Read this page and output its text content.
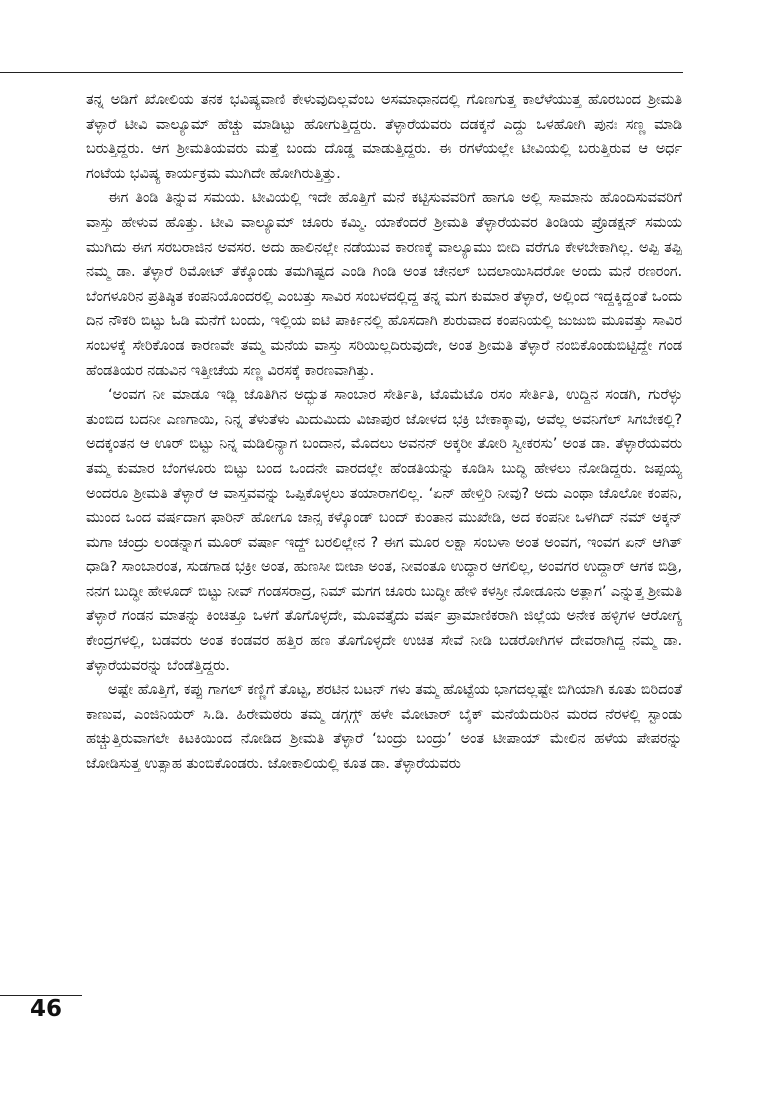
ತನ್ನ ಅಡಿಗೆ ಖೋಲಿಯ ತನಕ ಭವಿಷ್ಯವಾಣಿ ಕೇಳುವುದಿಲ್ಲವೆಂಬ ಅಸಮಾಧಾನದಲ್ಲಿ ಗೊಣಗುತ್ತ ಕಾಲೆಳೆಯುತ್ತ ಹೊರಬಂದ ಶ್ರೀಮತಿ ತೆಳ್ಳಾರೆ ಟೀವಿ ವಾಲ್ಯೂಮ್ ಹೆಚ್ಚು ಮಾಡಿಟ್ಟು ಹೋಗುತ್ತಿದ್ದರು. ತೆಳ್ಳಾರೆಯವರು ದಡಕ್ಕನೆ ಎದ್ದು ಒಳಹೋಗಿ ಪುನಃ ಸಣ್ಣ ಮಾಡಿ ಬರುತ್ತಿದ್ದರು. ಆಗ ಶ್ರೀಮತಿಯವರು ಮತ್ತೆ ಬಂದು ದೊಡ್ಡ ಮಾಡುತ್ತಿದ್ದರು. ಈ ರಗಳೆಯಲ್ಲೇ ಟೀವಿಯಲ್ಲಿ ಬರುತ್ತಿರುವ ಆ ಅರ್ಧ ಗಂಟೆಯ ಭವಿಷ್ಯ ಕಾರ್ಯಕ್ರಮ ಮುಗಿದೇ ಹೋಗಿರುತ್ತಿತ್ತು.

ಈಗ ತಿಂಡಿ ತಿನ್ನುವ ಸಮಯ. ಟೀವಿಯಲ್ಲಿ ಇದೇ ಹೊತ್ತಿಗೆ ಮನೆ ಕಟ್ಟಿಸುವವರಿಗೆ ಹಾಗೂ ಅಲ್ಲಿ ಸಾಮಾನು ಹೊಂದಿಸುವವರಿಗೆ ವಾಸ್ತು ಹೇಳುವ ಹೊತ್ತು. ಟೀವಿ ವಾಲ್ಯೂಮ್ ಚೂರು ಕಮ್ಮಿ. ಯಾಕೆಂದರೆ ಶ್ರೀಮತಿ ತೆಳ್ಳಾರೆಯವರ ತಿಂಡಿಯ ಪ್ರೊಡಕ್ಷನ್ ಸಮಯ ಮುಗಿದು ಈಗ ಸರಬರಾಜಿನ ಅವಸರ. ಅದು ಹಾಲಿನಲ್ಲೇ ನಡೆಯುವ ಕಾರಣಕ್ಕೆ ವಾಲ್ಯೂಮು ಬೀದಿ ವರೆಗೂ ಕೇಳಬೇಕಾಗಿಲ್ಲ. ಅಪ್ಪಿ ತಪ್ಪಿ ನಮ್ಮ ಡಾ. ತೆಳ್ಳಾರೆ ರಿಮೋಟ್ ತೆಕ್ಕೊಂಡು ತಮಗಿಷ್ಟದ ಎಂಡಿ ಗಿಂಡಿ ಅಂತ ಚೇನಲ್ ಬದಲಾಯಿಸಿದರೋ ಅಂದು ಮನೆ ರಣರಂಗ. ಬೆಂಗಳೂರಿನ ಪ್ರತಿಷ್ಠಿತ ಕಂಪನಿಯೊಂದರಲ್ಲಿ ಎಂಬತ್ತು ಸಾವಿರ ಸಂಬಳದಲ್ಲಿದ್ದ ತನ್ನ ಮಗ ಕುಮಾರ ತೆಳ್ಳಾರೆ, ಅಲ್ಲಿಂದ ಇದ್ದಕ್ಕಿದ್ದಂತೆ ಒಂದು ದಿನ ನೌಕರಿ ಬಿಟ್ಟು ಓಡಿ ಮನೆಗೆ ಬಂದು, ಇಲ್ಲಿಯ ಐಟಿ ಪಾರ್ಕಿನಲ್ಲಿ ಹೊಸದಾಗಿ ಶುರುವಾದ ಕಂಪನಿಯಲ್ಲಿ ಜುಜುಬಿ ಮೂವತ್ತು ಸಾವಿರ ಸಂಬಳಕ್ಕೆ ಸೇರಿಕೊಂಡ ಕಾರಣವೇ ತಮ್ಮ ಮನೆಯ ವಾಸ್ತು ಸರಿಯಿಲ್ಲದಿರುವುದೇ, ಅಂತ ಶ್ರೀಮತಿ ತೆಳ್ಳಾರೆ ನಂಬಿಕೊಂಡುಬಿಟ್ಟಿದ್ದೇ ಗಂಡ ಹೆಂಡತಿಯರ ನಡುವಿನ ಇತ್ತೀಚೆಯ ಸಣ್ಣ ವಿರಸಕ್ಕೆ ಕಾರಣವಾಗಿತ್ತು.

‘ಅಂವಗ ನೀ ಮಾಡೂ ಇಡ್ಲಿ ಜೊತಿಗಿನ ಅದ್ಭುತ ಸಾಂಬಾರ ಸೇರ್ತಿತಿ, ಟೊಮೆಟೊ ರಸಂ ಸೇರ್ತಿತಿ, ಉದ್ದಿನ ಸಂಡಗಿ, ಗುರೆಳ್ಳು ತುಂಬಿದ ಬದನೀ ಎಣಗಾಯಿ, ನಿನ್ನ ತೆಳುತೆಳು ಮಿದುಮಿದು ವಿಜಾಪುರ ಜೋಳದ ಭಕ್ರಿ ಬೇಕಾಕ್ಕಾವು, ಅವೆಲ್ಲ ಅವನಿಗೆಲ್ ಸಿಗಬೇಕಲ್ಲಿ? ಅದಕ್ಕಂತನ ಆ ಊರ್ ಬಿಟ್ಟು ನಿನ್ನ ಮಡಿಲಿನ್ಯಾಗ ಬಂದಾನ, ಮೊದಲು ಅವನನ್ ಅಕ್ಕರೀ ತೋರಿ ಸ್ವೀಕರಸು’ ಅಂತ ಡಾ. ತೆಳ್ಳಾರೆಯವರು ತಮ್ಮ ಕುಮಾರ ಬೆಂಗಳೂರು ಬಿಟ್ಟು ಬಂದ ಒಂದನೇ ವಾರದಲ್ಲೇ ಹೆಂಡತಿಯನ್ನು ಕೂಡಿಸಿ ಬುದ್ಧಿ ಹೇಳಲು ನೋಡಿದ್ದರು. ಜಪ್ಪಯ್ಯ ಅಂದರೂ ಶ್ರೀಮತಿ ತೆಳ್ಳಾರೆ ಆ ವಾಸ್ತವವನ್ನು ಒಪ್ಪಿಕೊಳ್ಳಲು ತಯಾರಾಗಲಿಲ್ಲ. ‘ಏನ್ ಹೇಳ್ತಿರಿ ನೀವು? ಅದು ಎಂಥಾ ಚೊಲೋ ಕಂಪನಿ, ಮುಂದ ಒಂದ ವರ್ಷದಾಗ ಫಾರಿನ್ ಹೋಗೂ ಚಾನ್ಸ ಕಳ್ಕೊಂಡ್ ಬಂದ್ ಕುಂತಾನ ಮುಖೇಡಿ, ಅದ ಕಂಪನೀ ಒಳಗಿದ್ ನಮ್ ಅಕ್ಕನ್ ಮಗಾ ಚಂದ್ರು ಲಂಡನ್ನಾಗ ಮೂರ್ ವರ್ಷಾ ಇದ್ದ್ ಬರಲಿಲ್ಲೇನ ? ಈಗ ಮೂರ ಲಕ್ಷಾ ಸಂಬಳಾ ಅಂತ ಅಂವಗ, ಇಂವಗ ಏನ್ ಆಗಿತ್ ಧಾಡಿ? ಸಾಂಬಾರಂತ, ಸುಡಗಾಡ ಭಕ್ರೀ ಅಂತ, ಹುಣಸೀ ಬೀಜಾ ಅಂತ, ನೀವಂತೂ ಉದ್ಧಾರ ಆಗಲಿಲ್ಲ, ಅಂವಗರ ಉದ್ದಾರ್ ಆಗಕ ಬಿಡ್ರಿ, ನನಗ ಬುದ್ಧೀ ಹೇಳೂದ್ ಬಿಟ್ಟು ನೀವ್ ಗಂಡಸರಾದ್ರ, ನಿಮ್ ಮಗಗ ಚೂರು ಬುದ್ಧೀ ಹೇಳಿ ಕಳಸ್ರೀ ನೋಡೂನು ಅತ್ಲಾಗ’ ಎನ್ನುತ್ತ ಶ್ರೀಮತಿ ತೆಳ್ಳಾರೆ ಗಂಡನ ಮಾತನ್ನು ಕಿಂಚಿತ್ತೂ ಒಳಗೆ ತೊಗೊಳ್ಳದೇ, ಮೂವತ್ತೈದು ವರ್ಷ ಪ್ರಾಮಾಣಿಕರಾಗಿ ಜಿಲ್ಲೆಯ ಅನೇಕ ಹಳ್ಳಿಗಳ ಆರೋಗ್ಯ ಕೇಂದ್ರಗಳಲ್ಲಿ, ಬಡವರು ಅಂತ ಕಂಡವರ ಹತ್ತಿರ ಹಣ ತೊಗೊಳ್ಳದೇ ಉಚಿತ ಸೇವೆ ನೀಡಿ ಬಡರೋಗಿಗಳ ದೇವರಾಗಿದ್ದ ನಮ್ಮ ಡಾ. ತೆಳ್ಳಾರೆಯವರನ್ನು ಬೆಂಡೆತ್ತಿದ್ದರು.

ಅಷ್ಟೇ ಹೊತ್ತಿಗೆ, ಕಪ್ಪು ಗಾಗಲ್ ಕಣ್ಣಿಗೆ ತೊಟ್ಟ, ಶರಟಿನ ಬಟನ್ ಗಳು ತಮ್ಮ ಹೊಟ್ಟೆಯ ಭಾಗದಲ್ಲಷ್ಟೇ ಬಿಗಿಯಾಗಿ ಕೂತು ಬಿರಿದಂತೆ ಕಾಣುವ, ಎಂಜಿನಿಯರ್ ಸಿ.ಡಿ. ಹಿರೇಮಠರು ತಮ್ಮ ಡಗ್ಗಗ್ಗ್ ಹಳೇ ಮೋಟಾರ್ ಬೈಕ್ ಮನೆಯೆದುರಿನ ಮರದ ನೆರಳಲ್ಲಿ ಸ್ಟಾಂಡು ಹಚ್ಚುತ್ತಿರುವಾಗಲೇ ಕಿಟಕಿಯಿಂದ ನೋಡಿದ ಶ್ರೀಮತಿ ತೆಳ್ಳಾರೆ ‘ಬಂದ್ರು ಬಂದ್ರು’ ಅಂತ ಟೀಪಾಯ್ ಮೇಲಿನ ಹಳೆಯ ಪೇಪರನ್ನು ಜೋಡಿಸುತ್ತ ಉತ್ಸಾಹ ತುಂಬಿಕೊಂಡರು. ಜೋಕಾಲಿಯಲ್ಲಿ ಕೂತ ಡಾ. ತೆಳ್ಳಾರೆಯವರು

46
